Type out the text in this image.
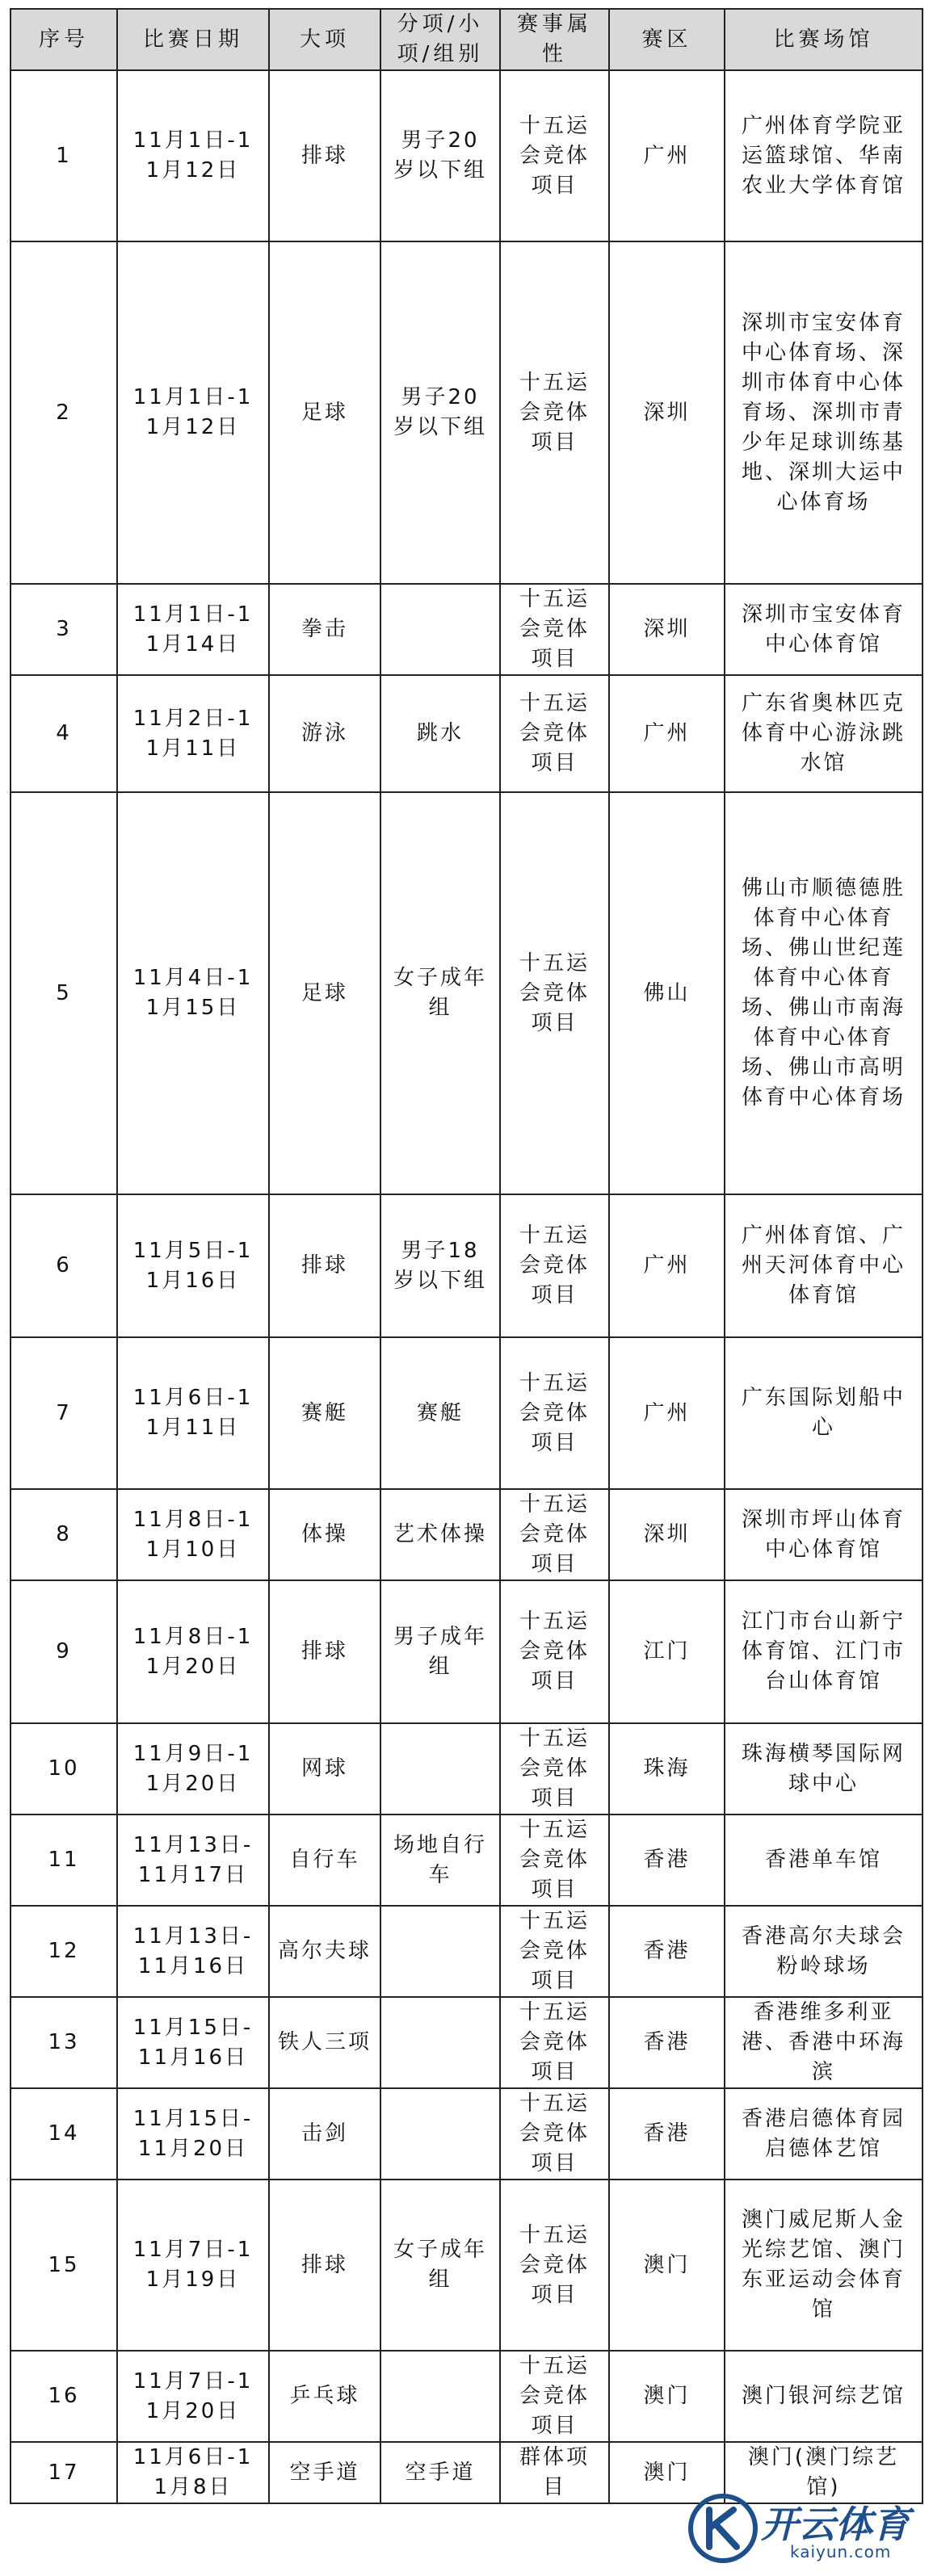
序号	比赛日期	大项	分项/小项/组别	赛事属性	赛区	比赛场馆
1	11月1日-11月12日	排球	男子20岁以下组	十五运会竞体项目	广州	广州体育学院亚运篮球馆、华南农业大学体育馆
2	11月1日-11月12日	足球	男子20岁以下组	十五运会竞体项目	深圳	深圳市宝安体育中心体育场、深圳市体育中心体育场、深圳市青少年足球训练基地、深圳大运中心体育场
3	11月1日-11月14日	拳击		十五运会竞体项目	深圳	深圳市宝安体育中心体育馆
4	11月2日-11月11日	游泳	跳水	十五运会竞体项目	广州	广东省奥林匹克体育中心游泳跳水馆
5	11月4日-11月15日	足球	女子成年组	十五运会竞体项目	佛山	佛山市顺德德胜体育中心体育场、佛山世纪莲体育中心体育场、佛山市南海体育中心体育场、佛山市高明体育中心体育场
6	11月5日-11月16日	排球	男子18岁以下组	十五运会竞体项目	广州	广州体育馆、广州天河体育中心体育馆
7	11月6日-11月11日	赛艇	赛艇	十五运会竞体项目	广州	广东国际划船中心
8	11月8日-11月10日	体操	艺术体操	十五运会竞体项目	深圳	深圳市坪山体育中心体育馆
9	11月8日-11月20日	排球	男子成年组	十五运会竞体项目	江门	江门市台山新宁体育馆、江门市台山体育馆
10	11月9日-11月20日	网球		十五运会竞体项目	珠海	珠海横琴国际网球中心
11	11月13日-11月17日	自行车	场地自行车	十五运会竞体项目	香港	香港单车馆
12	11月13日-11月16日	高尔夫球		十五运会竞体项目	香港	香港高尔夫球会粉岭球场
13	11月15日-11月16日	铁人三项		十五运会竞体项目	香港	香港维多利亚港、香港中环海滨
14	11月15日-11月20日	击剑		十五运会竞体项目	香港	香港启德体育园启德体艺馆
15	11月7日-11月19日	排球	女子成年组	十五运会竞体项目	澳门	澳门威尼斯人金光综艺馆、澳门东亚运动会体育馆
16	11月7日-11月20日	乒乓球		十五运会竞体项目	澳门	澳门银河综艺馆
17	11月6日-11月8日	空手道	空手道	群体项目	澳门	澳门(澳门综艺馆)
开云体育
kaiyun.com
